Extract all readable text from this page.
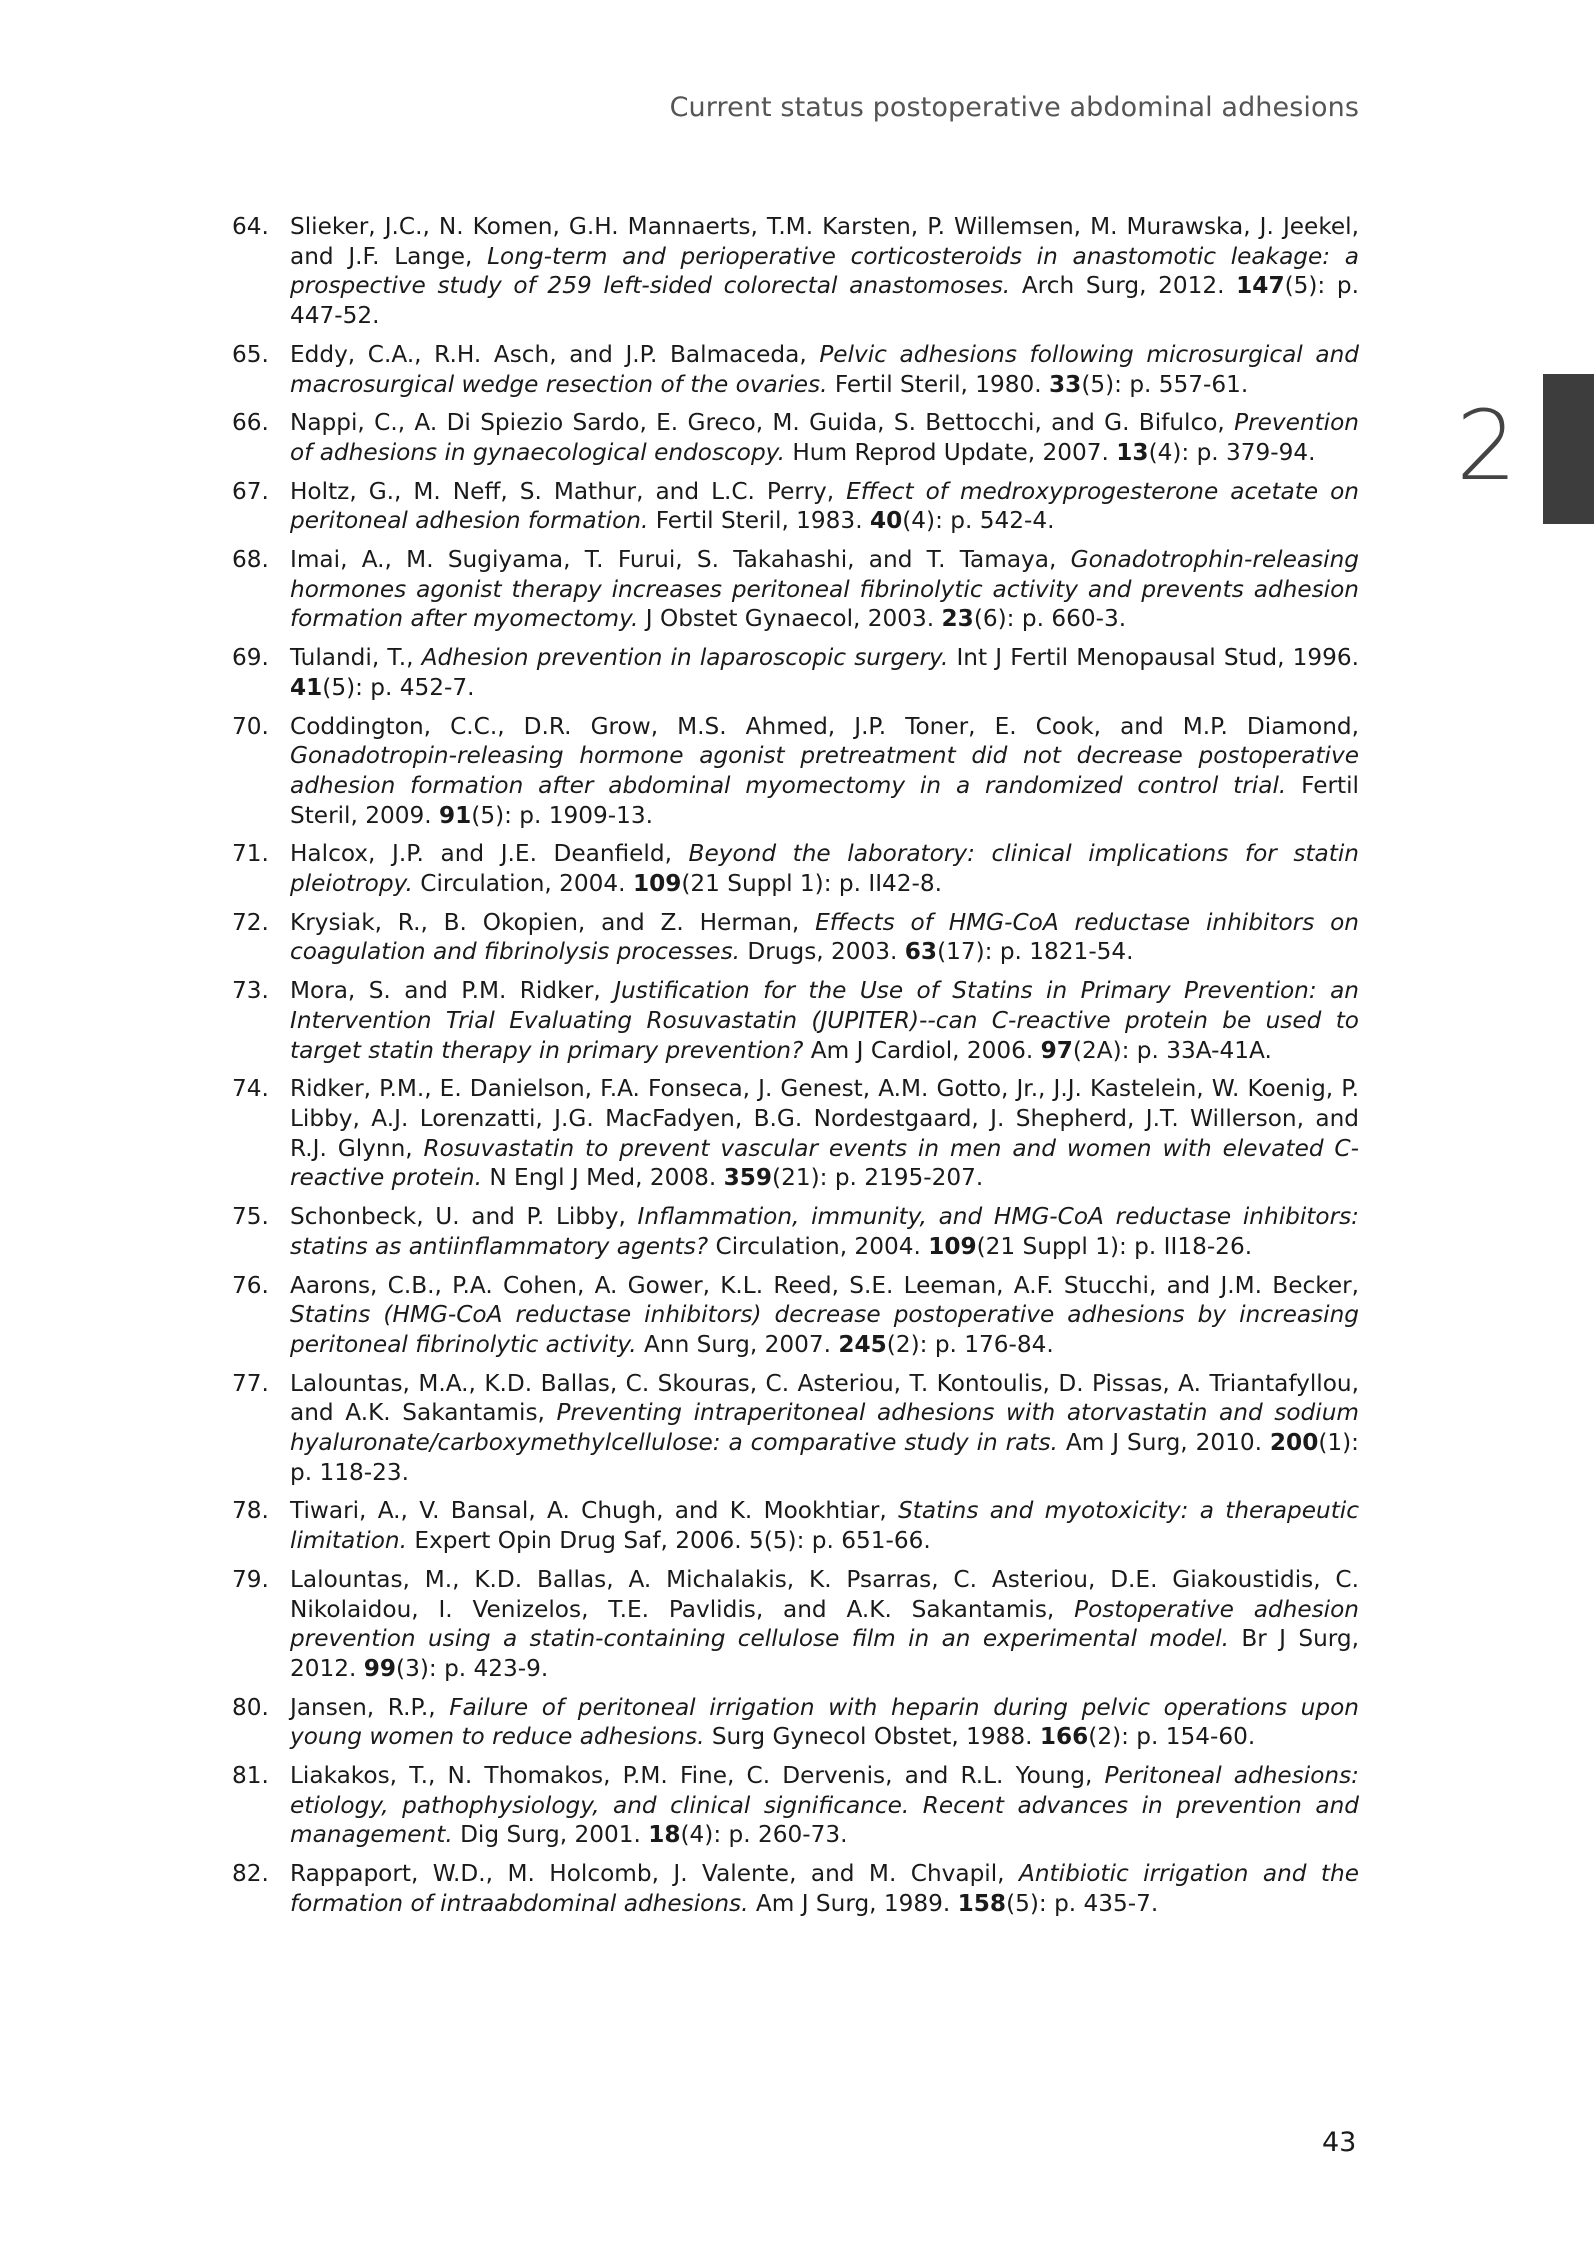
Current status postoperative abdominal adhesions
2
64. Slieker, J.C., N. Komen, G.H. Mannaerts, T.M. Karsten, P. Willemsen, M. Murawska, J. Jeekel, and J.F. Lange, Long-term and perioperative corticosteroids in anastomotic leakage: a prospective study of 259 left-sided colorectal anastomoses. Arch Surg, 2012. 147(5): p. 447-52.
65. Eddy, C.A., R.H. Asch, and J.P. Balmaceda, Pelvic adhesions following microsurgical and macrosurgical wedge resection of the ovaries. Fertil Steril, 1980. 33(5): p. 557-61.
66. Nappi, C., A. Di Spiezio Sardo, E. Greco, M. Guida, S. Bettocchi, and G. Bifulco, Prevention of adhesions in gynaecological endoscopy. Hum Reprod Update, 2007. 13(4): p. 379-94.
67. Holtz, G., M. Neff, S. Mathur, and L.C. Perry, Effect of medroxyprogesterone acetate on peritoneal adhesion formation. Fertil Steril, 1983. 40(4): p. 542-4.
68. Imai, A., M. Sugiyama, T. Furui, S. Takahashi, and T. Tamaya, Gonadotrophin-releasing hormones agonist therapy increases peritoneal fibrinolytic activity and prevents adhesion formation after myomectomy. J Obstet Gynaecol, 2003. 23(6): p. 660-3.
69. Tulandi, T., Adhesion prevention in laparoscopic surgery. Int J Fertil Menopausal Stud, 1996. 41(5): p. 452-7.
70. Coddington, C.C., D.R. Grow, M.S. Ahmed, J.P. Toner, E. Cook, and M.P. Diamond, Gonadotropin-releasing hormone agonist pretreatment did not decrease postoperative adhesion formation after abdominal myomectomy in a randomized control trial. Fertil Steril, 2009. 91(5): p. 1909-13.
71. Halcox, J.P. and J.E. Deanfield, Beyond the laboratory: clinical implications for statin pleiotropy. Circulation, 2004. 109(21 Suppl 1): p. II42-8.
72. Krysiak, R., B. Okopien, and Z. Herman, Effects of HMG-CoA reductase inhibitors on coagulation and fibrinolysis processes. Drugs, 2003. 63(17): p. 1821-54.
73. Mora, S. and P.M. Ridker, Justification for the Use of Statins in Primary Prevention: an Intervention Trial Evaluating Rosuvastatin (JUPITER)--can C-reactive protein be used to target statin therapy in primary prevention? Am J Cardiol, 2006. 97(2A): p. 33A-41A.
74. Ridker, P.M., E. Danielson, F.A. Fonseca, J. Genest, A.M. Gotto, Jr., J.J. Kastelein, W. Koenig, P. Libby, A.J. Lorenzatti, J.G. MacFadyen, B.G. Nordestgaard, J. Shepherd, J.T. Willerson, and R.J. Glynn, Rosuvastatin to prevent vascular events in men and women with elevated C-reactive protein. N Engl J Med, 2008. 359(21): p. 2195-207.
75. Schonbeck, U. and P. Libby, Inflammation, immunity, and HMG-CoA reductase inhibitors: statins as antiinflammatory agents? Circulation, 2004. 109(21 Suppl 1): p. II18-26.
76. Aarons, C.B., P.A. Cohen, A. Gower, K.L. Reed, S.E. Leeman, A.F. Stucchi, and J.M. Becker, Statins (HMG-CoA reductase inhibitors) decrease postoperative adhesions by increasing peritoneal fibrinolytic activity. Ann Surg, 2007. 245(2): p. 176-84.
77. Lalountas, M.A., K.D. Ballas, C. Skouras, C. Asteriou, T. Kontoulis, D. Pissas, A. Triantafyllou, and A.K. Sakantamis, Preventing intraperitoneal adhesions with atorvastatin and sodium hyaluronate/carboxymethylcellulose: a comparative study in rats. Am J Surg, 2010. 200(1): p. 118-23.
78. Tiwari, A., V. Bansal, A. Chugh, and K. Mookhtiar, Statins and myotoxicity: a therapeutic limitation. Expert Opin Drug Saf, 2006. 5(5): p. 651-66.
79. Lalountas, M., K.D. Ballas, A. Michalakis, K. Psarras, C. Asteriou, D.E. Giakoustidis, C. Nikolaidou, I. Venizelos, T.E. Pavlidis, and A.K. Sakantamis, Postoperative adhesion prevention using a statin-containing cellulose film in an experimental model. Br J Surg, 2012. 99(3): p. 423-9.
80. Jansen, R.P., Failure of peritoneal irrigation with heparin during pelvic operations upon young women to reduce adhesions. Surg Gynecol Obstet, 1988. 166(2): p. 154-60.
81. Liakakos, T., N. Thomakos, P.M. Fine, C. Dervenis, and R.L. Young, Peritoneal adhesions: etiology, pathophysiology, and clinical significance. Recent advances in prevention and management. Dig Surg, 2001. 18(4): p. 260-73.
82. Rappaport, W.D., M. Holcomb, J. Valente, and M. Chvapil, Antibiotic irrigation and the formation of intraabdominal adhesions. Am J Surg, 1989. 158(5): p. 435-7.
43
